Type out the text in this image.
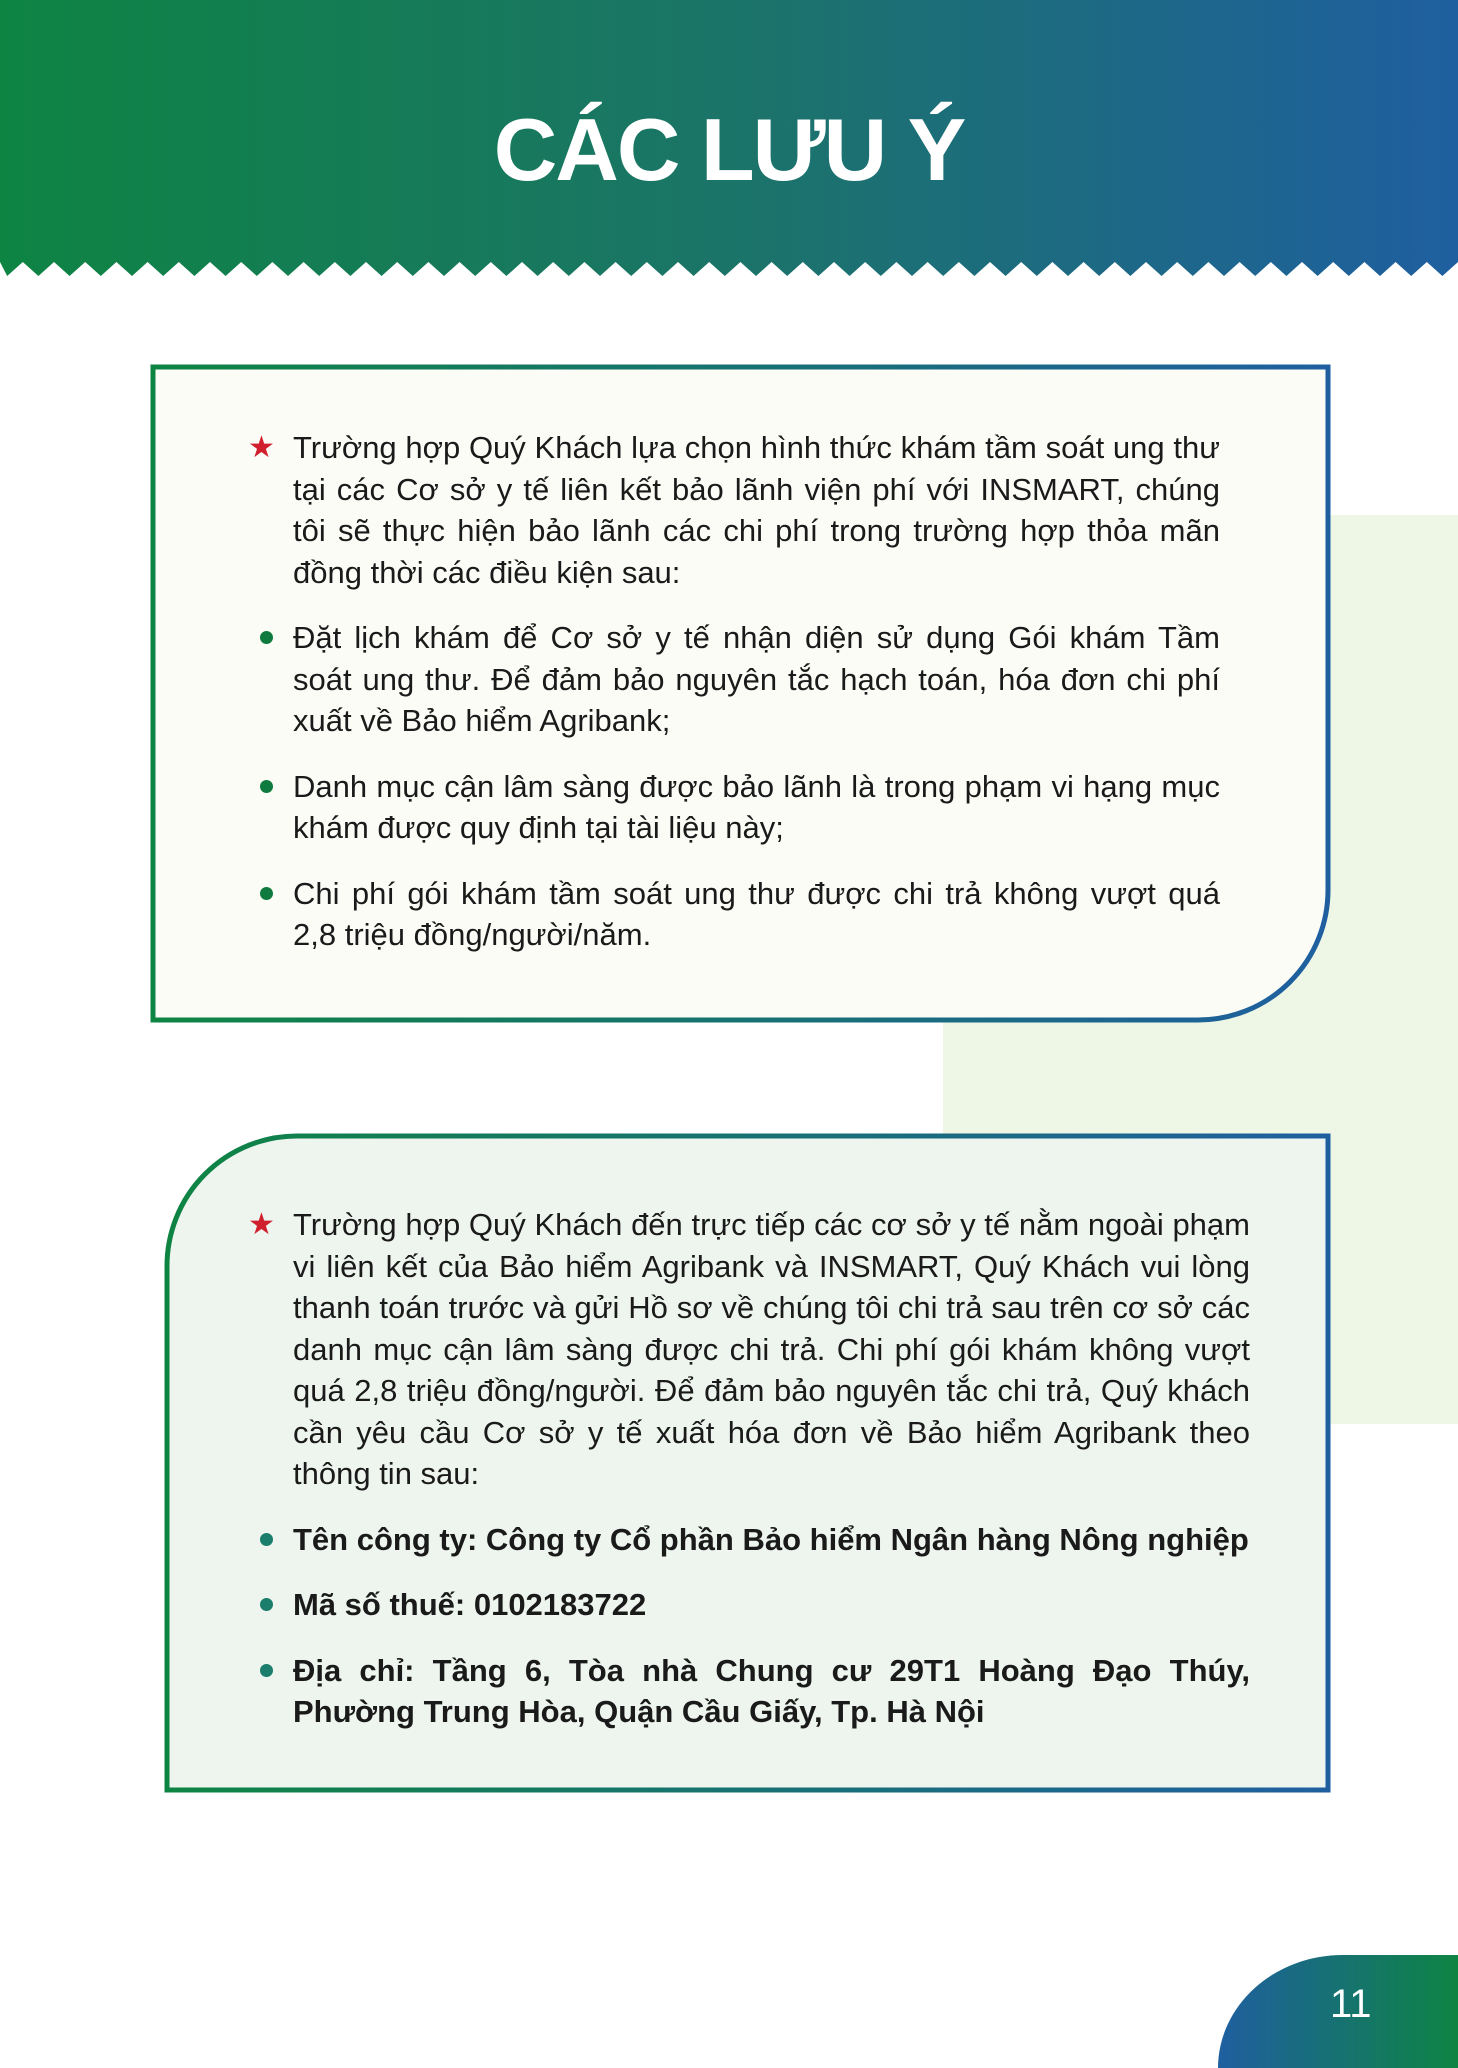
CÁC LƯU Ý
★ Trường hợp Quý Khách lựa chọn hình thức khám tầm soát ung thư tại các Cơ sở y tế liên kết bảo lãnh viện phí với INSMART, chúng tôi sẽ thực hiện bảo lãnh các chi phí trong trường hợp thỏa mãn đồng thời các điều kiện sau:
Đặt lịch khám để Cơ sở y tế nhận diện sử dụng Gói khám Tầm soát ung thư. Để đảm bảo nguyên tắc hạch toán, hóa đơn chi phí xuất về Bảo hiểm Agribank;
Danh mục cận lâm sàng được bảo lãnh là trong phạm vi hạng mục khám được quy định tại tài liệu này;
Chi phí gói khám tầm soát ung thư được chi trả không vượt quá 2,8 triệu đồng/người/năm.
★ Trường hợp Quý Khách đến trực tiếp các cơ sở y tế nằm ngoài phạm vi liên kết của Bảo hiểm Agribank và INSMART, Quý Khách vui lòng thanh toán trước và gửi Hồ sơ về chúng tôi chi trả sau trên cơ sở các danh mục cận lâm sàng được chi trả. Chi phí gói khám không vượt quá 2,8 triệu đồng/người. Để đảm bảo nguyên tắc chi trả, Quý khách cần yêu cầu Cơ sở y tế xuất hóa đơn về Bảo hiểm Agribank theo thông tin sau:
Tên công ty: Công ty Cổ phần Bảo hiểm Ngân hàng Nông nghiệp
Mã số thuế: 0102183722
Địa chỉ: Tầng 6, Tòa nhà Chung cư 29T1 Hoàng Đạo Thúy, Phường Trung Hòa, Quận Cầu Giấy, Tp. Hà Nội
11
